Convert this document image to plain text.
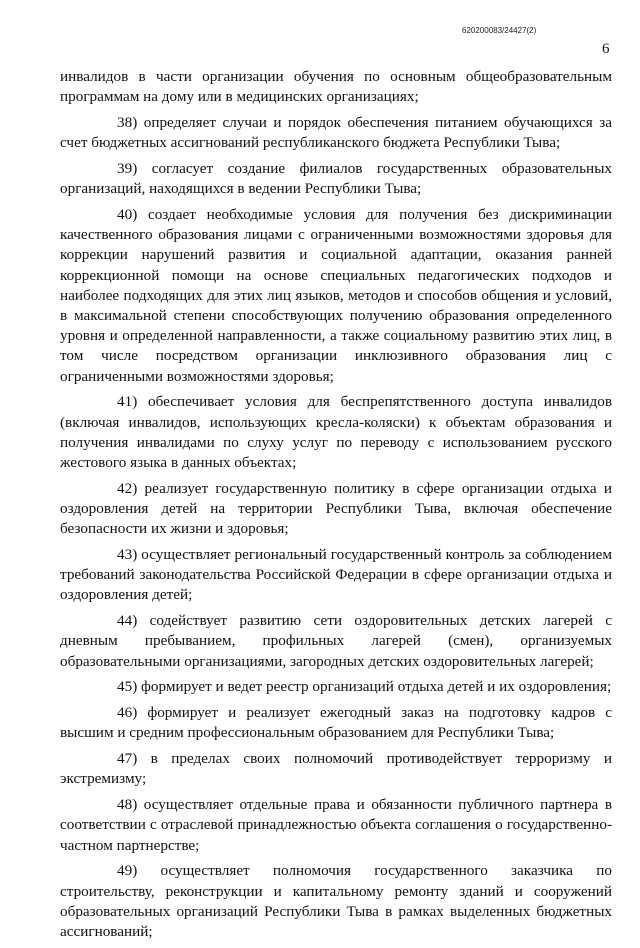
620200083/24427(2)
6

инвалидов в части организации обучения по основным общеобразовательным программам на дому или в медицинских организациях;

38) определяет случаи и порядок обеспечения питанием обучающихся за счет бюджетных ассигнований республиканского бюджета Республики Тыва;

39) согласует создание филиалов государственных образовательных организаций, находящихся в ведении Республики Тыва;

40) создает необходимые условия для получения без дискриминации качественного образования лицами с ограниченными возможностями здоровья для коррекции нарушений развития и социальной адаптации, оказания ранней коррекционной помощи на основе специальных педагогических подходов и наиболее подходящих для этих лиц языков, методов и способов общения и условий, в максимальной степени способствующих получению образования определенного уровня и определенной направленности, а также социальному развитию этих лиц, в том числе посредством организации инклюзивного образования лиц с ограниченными возможностями здоровья;

41) обеспечивает условия для беспрепятственного доступа инвалидов (включая инвалидов, использующих кресла-коляски) к объектам образования и получения инвалидами по слуху услуг по переводу с использованием русского жестового языка в данных объектах;

42) реализует государственную политику в сфере организации отдыха и оздоровления детей на территории Республики Тыва, включая обеспечение безопасности их жизни и здоровья;

43) осуществляет региональный государственный контроль за соблюдением требований законодательства Российской Федерации в сфере организации отдыха и оздоровления детей;

44) содействует развитию сети оздоровительных детских лагерей с дневным пребыванием, профильных лагерей (смен), организуемых образовательными организациями, загородных детских оздоровительных лагерей;

45) формирует и ведет реестр организаций отдыха детей и их оздоровления;

46) формирует и реализует ежегодный заказ на подготовку кадров с высшим и средним профессиональным образованием для Республики Тыва;

47) в пределах своих полномочий противодействует терроризму и экстремизму;

48) осуществляет отдельные права и обязанности публичного партнера в соответствии с отраслевой принадлежностью объекта соглашения о государственно-частном партнерстве;

49) осуществляет полномочия государственного заказчика по строительству, реконструкции и капитальному ремонту зданий и сооружений образовательных организаций Республики Тыва в рамках выделенных бюджетных ассигнований;
